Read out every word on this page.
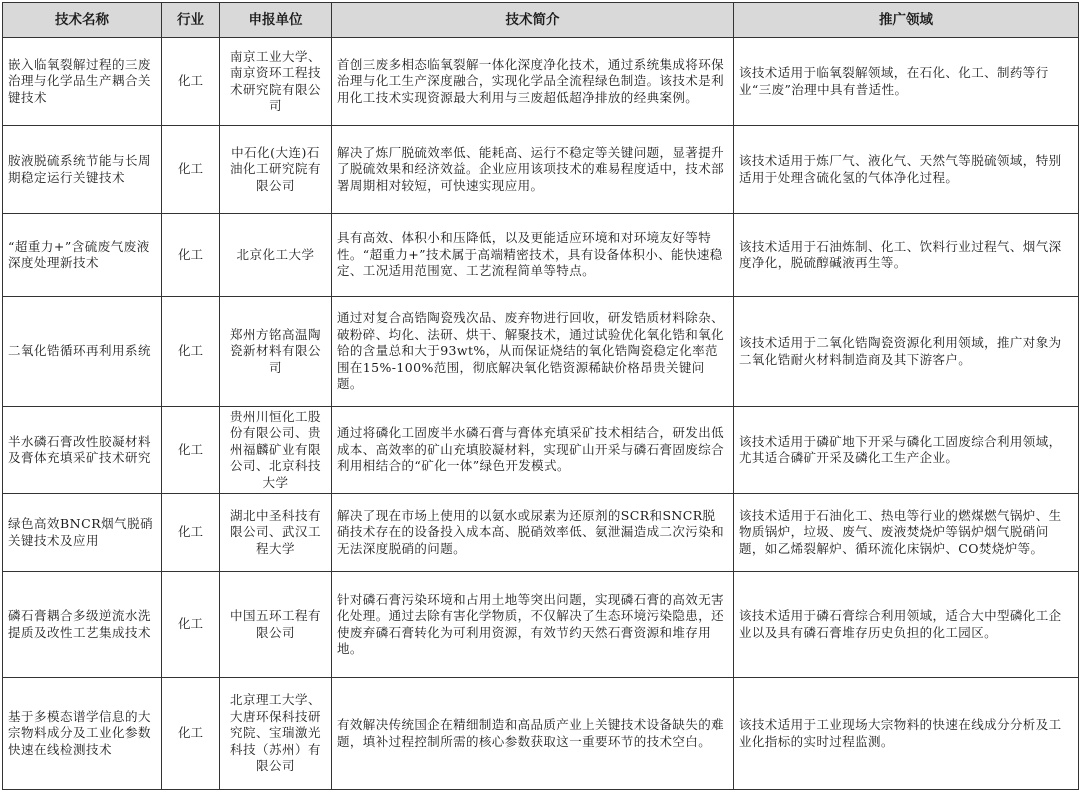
技术名称	行业	申报单位	技术简介	推广领域
嵌入临氧裂解过程的三废治理与化学品生产耦合关键技术	化工	南京工业大学、南京资环工程技术研究院有限公司	首创三废多相态临氧裂解一体化深度净化技术，通过系统集成将环保治理与化工生产深度融合，实现化学品全流程绿色制造。该技术是利用化工技术实现资源最大利用与三废超低超净排放的经典案例。	该技术适用于临氧裂解领域，在石化、化工、制药等行业“三废”治理中具有普适性。
胺液脱硫系统节能与长周期稳定运行关键技术	化工	中石化(大连)石油化工研究院有限公司	解决了炼厂脱硫效率低、能耗高、运行不稳定等关键问题，显著提升了脱硫效果和经济效益。企业应用该项技术的难易程度适中，技术部署周期相对较短，可快速实现应用。	该技术适用于炼厂气、液化气、天然气等脱硫领域，特别适用于处理含硫化氢的气体净化过程。
“超重力+”含硫废气废液深度处理新技术	化工	北京化工大学	具有高效、体积小和压降低，以及更能适应环境和对环境友好等特性。“超重力+”技术属于高端精密技术，具有设备体积小、能快速稳定、工况适用范围宽、工艺流程简单等特点。	该技术适用于石油炼制、化工、饮料行业过程气、烟气深度净化，脱硫醇碱液再生等。
二氧化锆循环再利用系统	化工	郑州方铭高温陶瓷新材料有限公司	通过对复合高锆陶瓷残次品、废弃物进行回收，研发锆质材料除杂、破粉碎、均化、法研、烘干、解聚技术，通过试验优化氧化锆和氧化铪的含量总和大于93wt%，从而保证烧结的氧化锆陶瓷稳定化率范围在15%-100%范围，彻底解决氧化锆资源稀缺价格昂贵关键问题。	该技术适用于二氧化锆陶瓷资源化利用领域，推广对象为二氧化锆耐火材料制造商及其下游客户。
半水磷石膏改性胶凝材料及膏体充填采矿技术研究	化工	贵州川恒化工股份有限公司、贵州福麟矿业有限公司、北京科技大学	通过将磷化工固废半水磷石膏与膏体充填采矿技术相结合，研发出低成本、高效率的矿山充填胶凝材料，实现矿山开采与磷石膏固废综合利用相结合的“矿化一体”绿色开发模式。	该技术适用于磷矿地下开采与磷化工固废综合利用领域，尤其适合磷矿开采及磷化工生产企业。
绿色高效BNCR烟气脱硝关键技术及应用	化工	湖北中圣科技有限公司、武汉工程大学	解决了现在市场上使用的以氨水或尿素为还原剂的SCR和SNCR脱硝技术存在的设备投入成本高、脱硝效率低、氨泄漏造成二次污染和无法深度脱硝的问题。	该技术适用于石油化工、热电等行业的燃煤燃气锅炉、生物质锅炉，垃圾、废气、废液焚烧炉等锅炉烟气脱硝问题，如乙烯裂解炉、循环流化床锅炉、CO焚烧炉等。
磷石膏耦合多级逆流水洗提质及改性工艺集成技术	化工	中国五环工程有限公司	针对磷石膏污染环境和占用土地等突出问题，实现磷石膏的高效无害化处理。通过去除有害化学物质，不仅解决了生态环境污染隐患，还使废弃磷石膏转化为可利用资源，有效节约天然石膏资源和堆存用地。	该技术适用于磷石膏综合利用领域，适合大中型磷化工企业以及具有磷石膏堆存历史负担的化工园区。
基于多模态谱学信息的大宗物料成分及工业化参数快速在线检测技术	化工	北京理工大学、大唐环保科技研究院、宝瑞激光科技（苏州）有限公司	有效解决传统国企在精细制造和高品质产业上关键技术设备缺失的难题，填补过程控制所需的核心参数获取这一重要环节的技术空白。	该技术适用于工业现场大宗物料的快速在线成分分析及工业化指标的实时过程监测。
